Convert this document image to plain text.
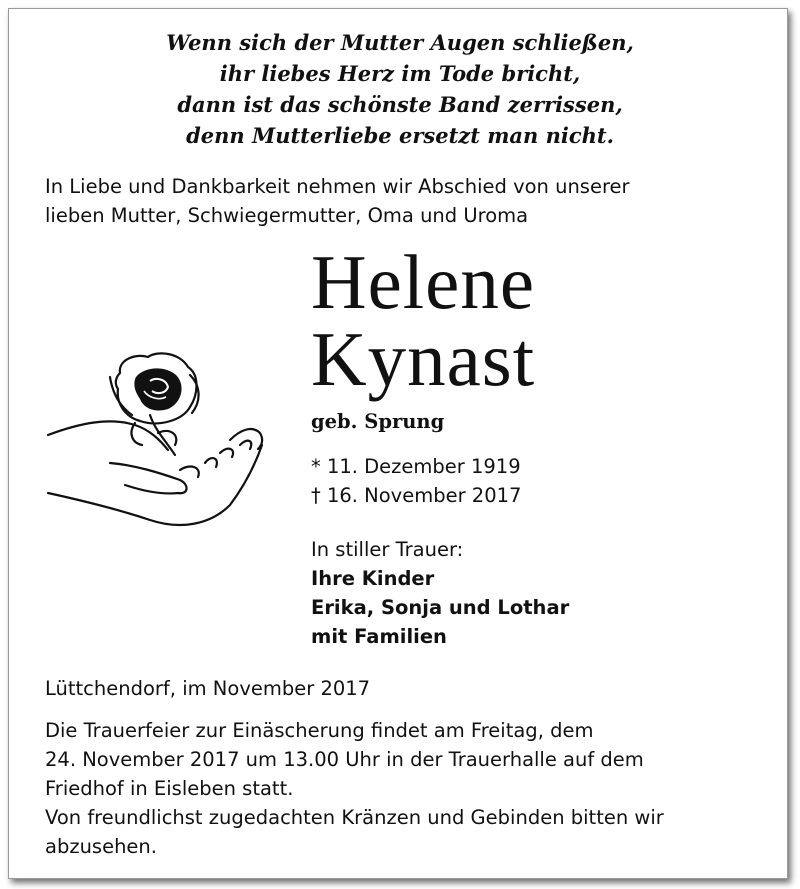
Wenn sich der Mutter Augen schließen,
ihr liebes Herz im Tode bricht,
dann ist das schönste Band zerrissen,
denn Mutterliebe ersetzt man nicht.
In Liebe und Dankbarkeit nehmen wir Abschied von unserer
lieben Mutter, Schwiegermutter, Oma und Uroma
Helene
Kynast
geb. Sprung
* 11. Dezember 1919
† 16. November 2017
In stiller Trauer:
Ihre Kinder
Erika, Sonja und Lothar
mit Familien
Lüttchendorf, im November 2017
Die Trauerfeier zur Einäscherung findet am Freitag, dem
24. November 2017 um 13.00 Uhr in der Trauerhalle auf dem
Friedhof in Eisleben statt.
Von freundlichst zugedachten Kränzen und Gebinden bitten wir
abzusehen.
